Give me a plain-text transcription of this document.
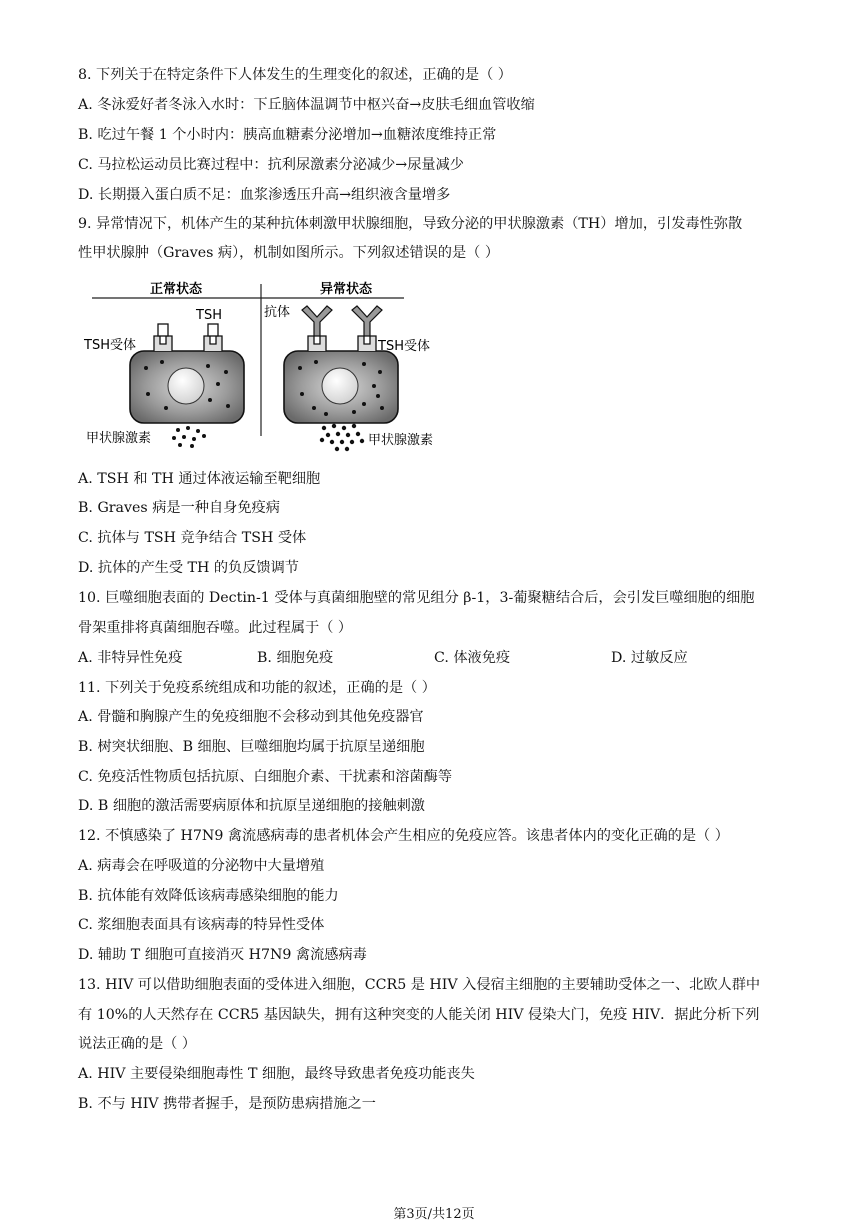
8. 下列关于在特定条件下人体发生的生理变化的叙述，正确的是（ ）
A. 冬泳爱好者冬泳入水时：下丘脑体温调节中枢兴奋→皮肤毛细血管收缩
B. 吃过午餐 1 个小时内：胰高血糖素分泌增加→血糖浓度维持正常
C. 马拉松运动员比赛过程中：抗利尿激素分泌减少→尿量减少
D. 长期摄入蛋白质不足：血浆渗透压升高→组织液含量增多
9. 异常情况下，机体产生的某种抗体刺激甲状腺细胞，导致分泌的甲状腺激素（TH）增加，引发毒性弥散
性甲状腺肿（Graves 病），机制如图所示。下列叙述错误的是（ ）
正常状态	异常状态
TSH
TSH受体
甲状腺激素
抗体
TSH受体
甲状腺激素
A. TSH 和 TH 通过体液运输至靶细胞
B. Graves 病是一种自身免疫病
C. 抗体与 TSH 竞争结合 TSH 受体
D. 抗体的产生受 TH 的负反馈调节
10. 巨噬细胞表面的 Dectin-1 受体与真菌细胞壁的常见组分 β-1，3-葡聚糖结合后，会引发巨噬细胞的细胞
骨架重排将真菌细胞吞噬。此过程属于（ ）
A. 非特异性免疫	B. 细胞免疫	C. 体液免疫	D. 过敏反应
11. 下列关于免疫系统组成和功能的叙述，正确的是（ ）
A. 骨髓和胸腺产生的免疫细胞不会移动到其他免疫器官
B. 树突状细胞、B 细胞、巨噬细胞均属于抗原呈递细胞
C. 免疫活性物质包括抗原、白细胞介素、干扰素和溶菌酶等
D. B 细胞的激活需要病原体和抗原呈递细胞的接触刺激
12. 不慎感染了 H7N9 禽流感病毒的患者机体会产生相应的免疫应答。该患者体内的变化正确的是（ ）
A. 病毒会在呼吸道的分泌物中大量增殖
B. 抗体能有效降低该病毒感染细胞的能力
C. 浆细胞表面具有该病毒的特异性受体
D. 辅助 T 细胞可直接消灭 H7N9 禽流感病毒
13. HIV 可以借助细胞表面的受体进入细胞，CCR5 是 HIV 入侵宿主细胞的主要辅助受体之一、北欧人群中
有 10%的人天然存在 CCR5 基因缺失，拥有这种突变的人能关闭 HIV 侵染大门，免疫 HIV．据此分析下列
说法正确的是（ ）
A. HIV 主要侵染细胞毒性 T 细胞，最终导致患者免疫功能丧失
B. 不与 HIV 携带者握手，是预防患病措施之一
第3页/共12页
